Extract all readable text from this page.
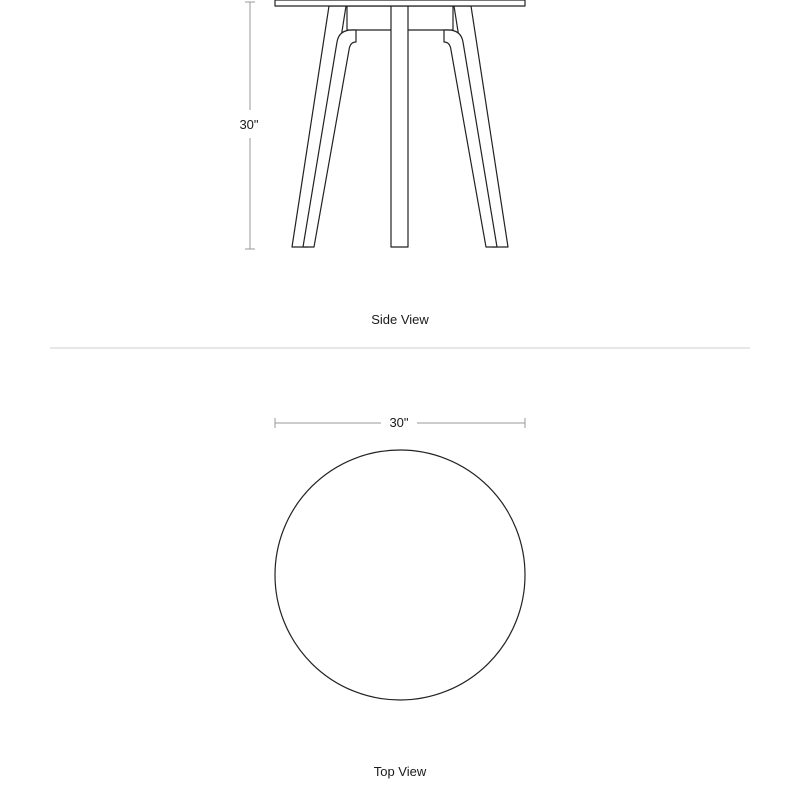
30"
Side View
30"
Top View
